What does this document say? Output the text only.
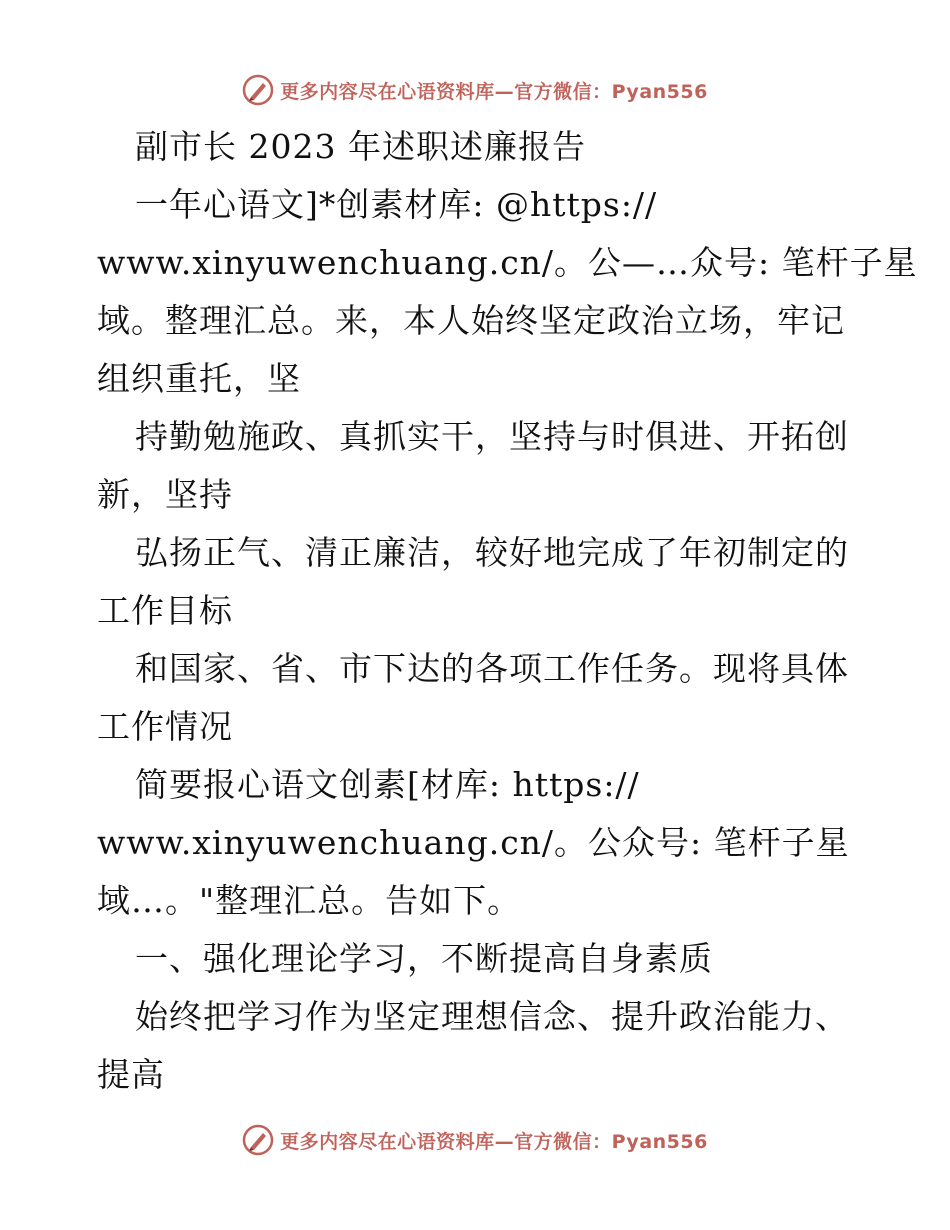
更多内容尽在心语资料库—官方微信：Pyan556
副市长 2023 年述职述廉报告
一年心语文]*创素材库: @https://
www.xinyuwenchuang.cn/。公—…众号: 笔杆子星
域。整理汇总。来，本人始终坚定政治立场，牢记
组织重托，坚
持勤勉施政、真抓实干，坚持与时俱进、开拓创
新，坚持
弘扬正气、清正廉洁，较好地完成了年初制定的
工作目标
和国家、省、市下达的各项工作任务。现将具体
工作情况
简要报心语文创素[材库: https://
www.xinyuwenchuang.cn/。公众号: 笔杆子星
域…。"整理汇总。告如下。
一、强化理论学习，不断提高自身素质
始终把学习作为坚定理想信念、提升政治能力、
提高
更多内容尽在心语资料库—官方微信：Pyan556
